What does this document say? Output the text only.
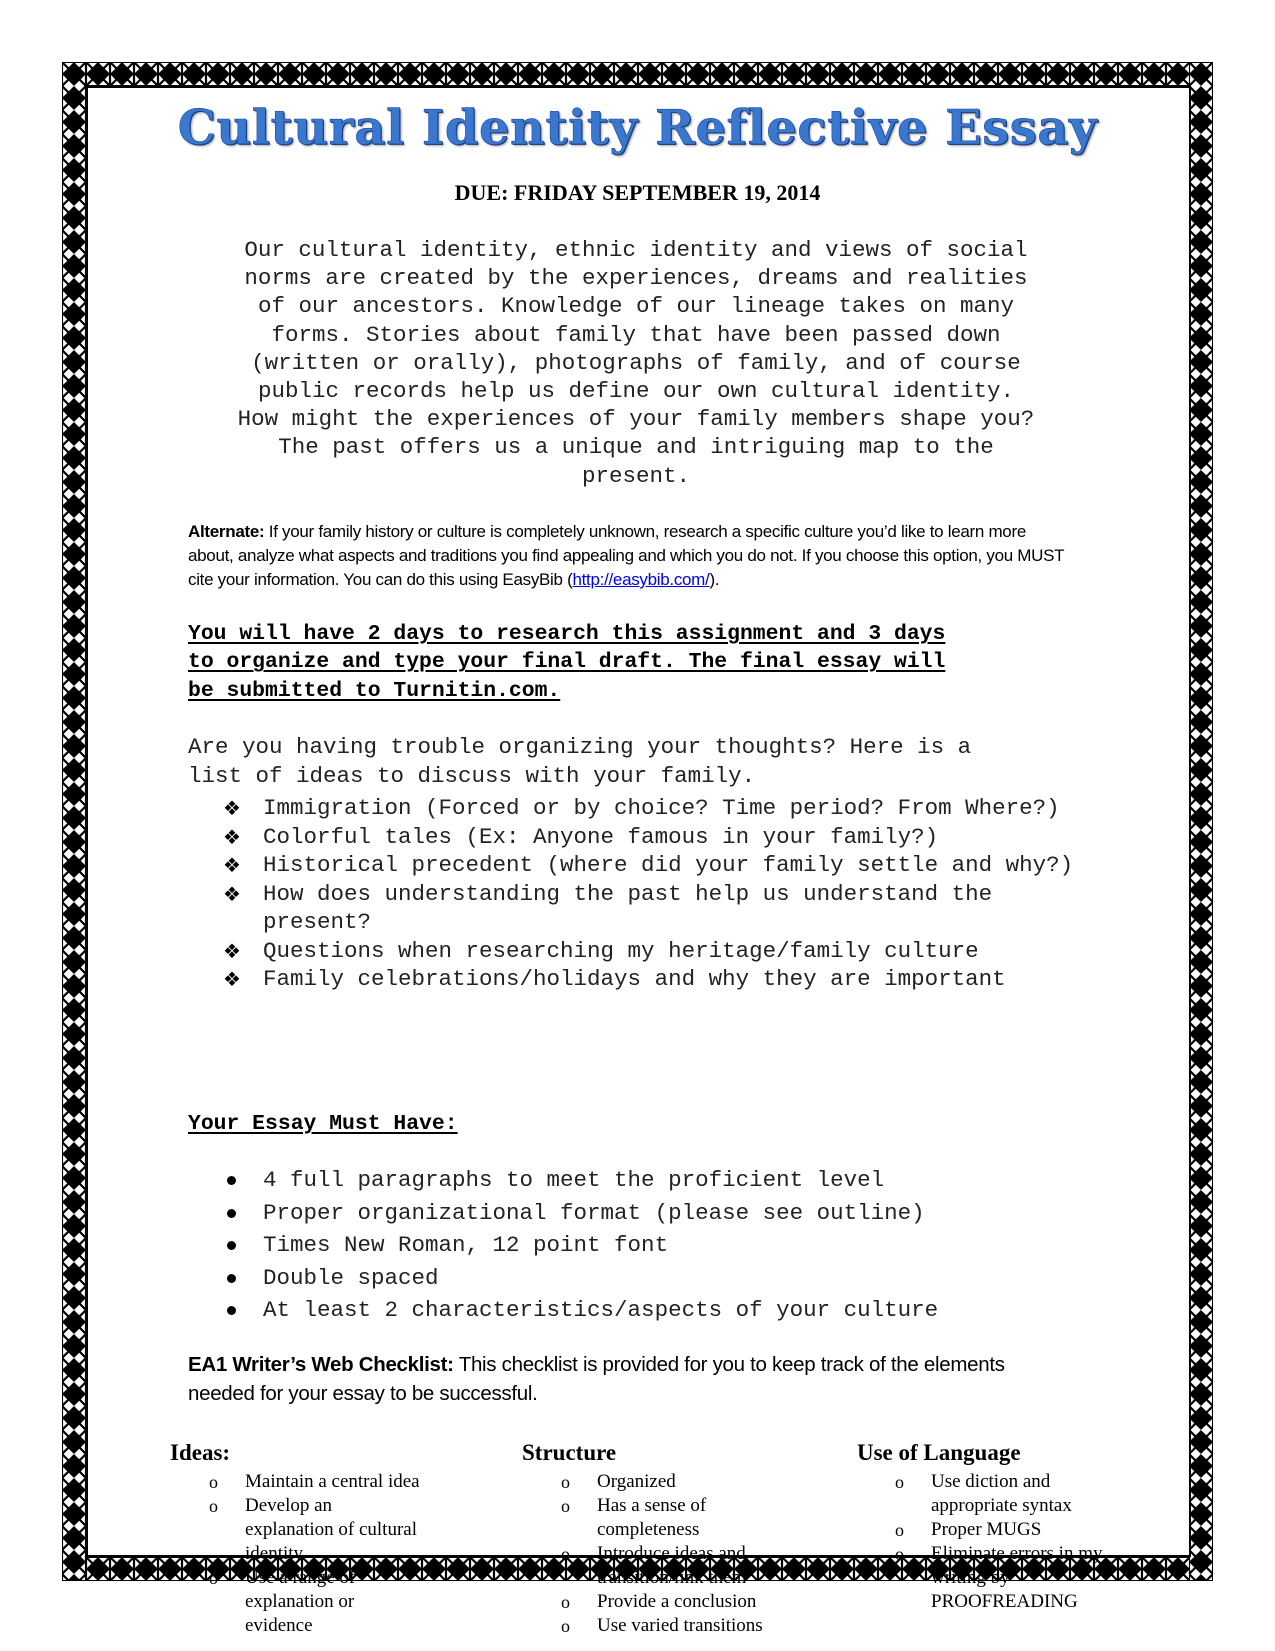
Cultural Identity Reflective Essay
DUE: FRIDAY SEPTEMBER 19, 2014
Our cultural identity, ethnic identity and views of social
norms are created by the experiences, dreams and realities
of our ancestors. Knowledge of our lineage takes on many
forms. Stories about family that have been passed down
(written or orally), photographs of family, and of course
public records help us define our own cultural identity.
How might the experiences of your family members shape you?
The past offers us a unique and intriguing map to the
present.
Alternate: If your family history or culture is completely unknown, research a specific culture you’d like to learn more about, analyze what aspects and traditions you find appealing and which you do not. If you choose this option, you MUST cite your information. You can do this using EasyBib (http://easybib.com/).
You will have 2 days to research this assignment and 3 days
to organize and type your final draft. The final essay will
be submitted to Turnitin.com.
Are you having trouble organizing your thoughts? Here is a
list of ideas to discuss with your family.
❖ Immigration (Forced or by choice? Time period? From Where?)
❖ Colorful tales (Ex: Anyone famous in your family?)
❖ Historical precedent (where did your family settle and why?)
❖ How does understanding the past help us understand the present?
❖ Questions when researching my heritage/family culture
❖ Family celebrations/holidays and why they are important
Your Essay Must Have:
4 full paragraphs to meet the proficient level
Proper organizational format (please see outline)
Times New Roman, 12 point font
Double spaced
At least 2 characteristics/aspects of your culture
EA1 Writer’s Web Checklist: This checklist is provided for you to keep track of the elements needed for your essay to be successful.
Ideas:
o Maintain a central idea
o Develop an
explanation of cultural
identity
o Use a range of
explanation or
evidence
Structure
o Organized
o Has a sense of
completeness
o Introduce ideas and
transition/link them
o Provide a conclusion
o Use varied transitions
Use of Language
o Use diction and
appropriate syntax
o Proper MUGS
o Eliminate errors in my
writing by
PROOFREADING
